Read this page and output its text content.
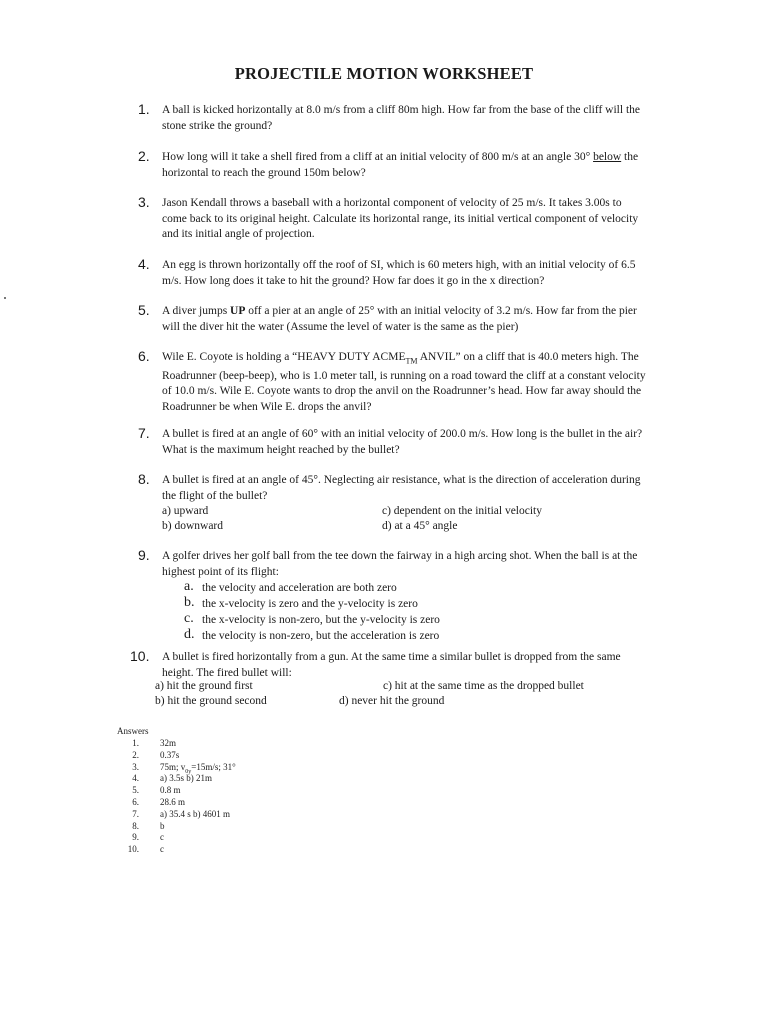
PROJECTILE MOTION WORKSHEET
1. A ball is kicked horizontally at 8.0 m/s from a cliff 80m high. How far from the base of the cliff will the stone strike the ground?
2. How long will it take a shell fired from a cliff at an initial velocity of 800 m/s at an angle 30° below the horizontal to reach the ground 150m below?
3. Jason Kendall throws a baseball with a horizontal component of velocity of 25 m/s. It takes 3.00s to come back to its original height. Calculate its horizontal range, its initial vertical component of velocity and its initial angle of projection.
4. An egg is thrown horizontally off the roof of SI, which is 60 meters high, with an initial velocity of 6.5 m/s. How long does it take to hit the ground? How far does it go in the x direction?
5. A diver jumps UP off a pier at an angle of 25° with an initial velocity of 3.2 m/s. How far from the pier will the diver hit the water (Assume the level of water is the same as the pier)
6. Wile E. Coyote is holding a “HEAVY DUTY $ACME_{TM}$ ANVIL” on a cliff that is 40.0 meters high. The Roadrunner (beep-beep), who is 1.0 meter tall, is running on a road toward the cliff at a constant velocity of 10.0 m/s. Wile E. Coyote wants to drop the anvil on the Roadrunner’s head. How far away should the Roadrunner be when Wile E. drops the anvil?
7. A bullet is fired at an angle of 60° with an initial velocity of 200.0 m/s. How long is the bullet in the air? What is the maximum height reached by the bullet?
8. A bullet is fired at an angle of 45°. Neglecting air resistance, what is the direction of acceleration during the flight of the bullet?
a) upward
b) downward
c) dependent on the initial velocity
d) at a 45° angle
9. A golfer drives her golf ball from the tee down the fairway in a high arcing shot. When the ball is at the highest point of its flight:
a. the velocity and acceleration are both zero
b. the x-velocity is zero and the y-velocity is zero
c. the x-velocity is non-zero, but the y-velocity is zero
d. the velocity is non-zero, but the acceleration is zero
10. A bullet is fired horizontally from a gun. At the same time a similar bullet is dropped from the same height. The fired bullet will:
a) hit the ground first
b) hit the ground second
c) hit at the same time as the dropped bullet
d) never hit the ground
Answers
1. 32m
2. 0.37s
3. 75m; $v_{0y}=15m/s$; 31°
4. a) 3.5s b) 21m
5. 0.8 m
6. 28.6 m
7. a) 35.4 s b) 4601 m
8. b
9. c
10. c
